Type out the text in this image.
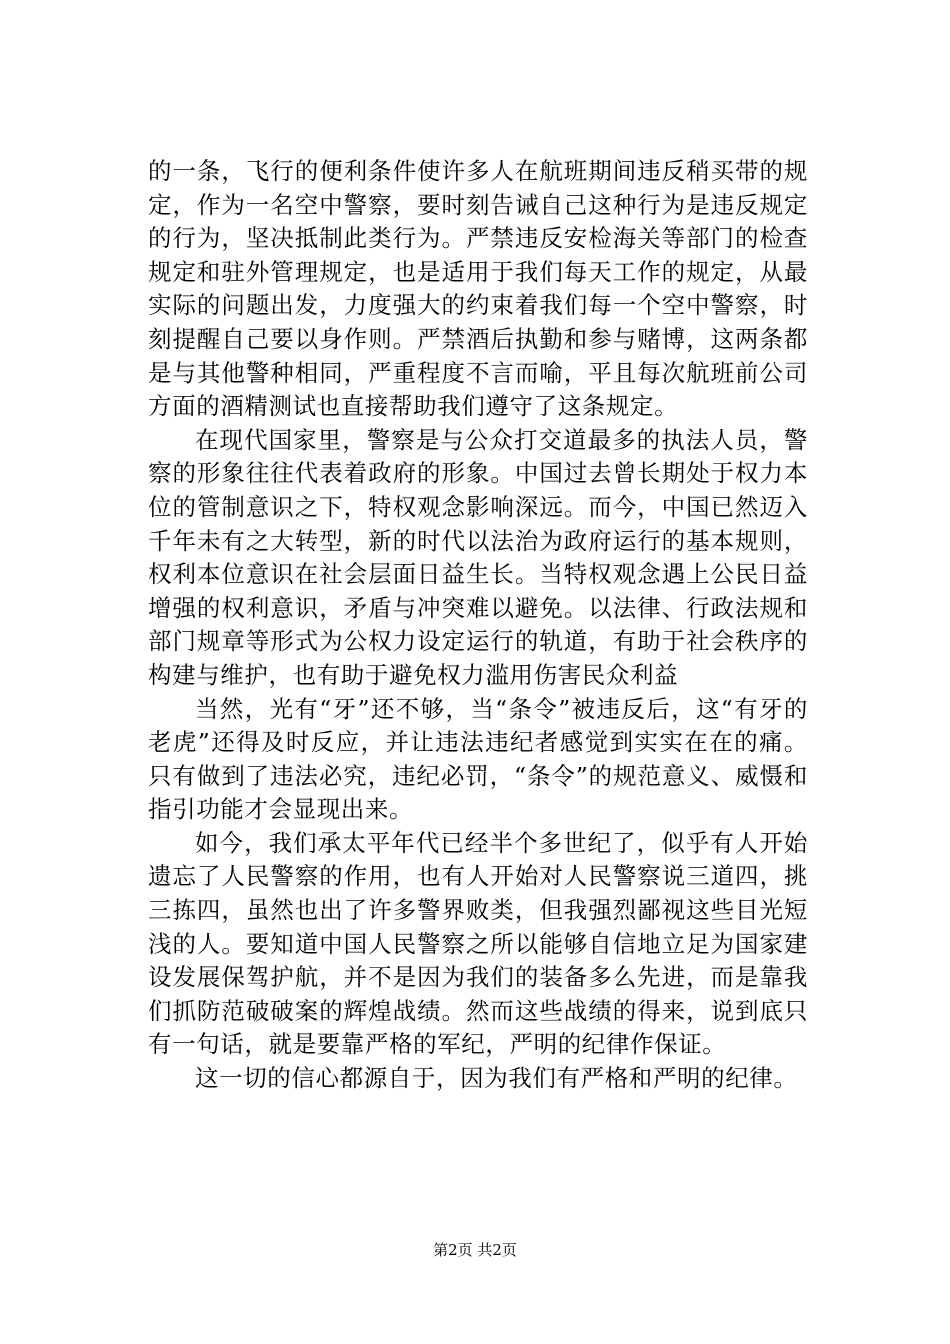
的一条，飞行的便利条件使许多人在航班期间违反稍买带的规定，作为一名空中警察，要时刻告诫自己这种行为是违反规定的行为，坚决抵制此类行为。严禁违反安检海关等部门的检查规定和驻外管理规定，也是适用于我们每天工作的规定，从最实际的问题出发，力度强大的约束着我们每一个空中警察，时刻提醒自己要以身作则。严禁酒后执勤和参与赌博，这两条都是与其他警种相同，严重程度不言而喻，平且每次航班前公司方面的酒精测试也直接帮助我们遵守了这条规定。

在现代国家里，警察是与公众打交道最多的执法人员，警察的形象往往代表着政府的形象。中国过去曾长期处于权力本位的管制意识之下，特权观念影响深远。而今，中国已然迈入千年未有之大转型，新的时代以法治为政府运行的基本规则，权利本位意识在社会层面日益生长。当特权观念遇上公民日益增强的权利意识，矛盾与冲突难以避免。以法律、行政法规和部门规章等形式为公权力设定运行的轨道，有助于社会秩序的构建与维护，也有助于避免权力滥用伤害民众利益

当然，光有“牙”还不够，当“条令”被违反后，这“有牙的老虎”还得及时反应，并让违法违纪者感觉到实实在在的痛。只有做到了违法必究，违纪必罚，“条令”的规范意义、威慑和指引功能才会显现出来。

如今，我们承太平年代已经半个多世纪了，似乎有人开始遗忘了人民警察的作用，也有人开始对人民警察说三道四，挑三拣四，虽然也出了许多警界败类，但我强烈鄙视这些目光短浅的人。要知道中国人民警察之所以能够自信地立足为国家建设发展保驾护航，并不是因为我们的装备多么先进，而是靠我们抓防范破破案的辉煌战绩。然而这些战绩的得来，说到底只有一句话，就是要靠严格的军纪，严明的纪律作保证。

这一切的信心都源自于，因为我们有严格和严明的纪律。

第2页 共2页
